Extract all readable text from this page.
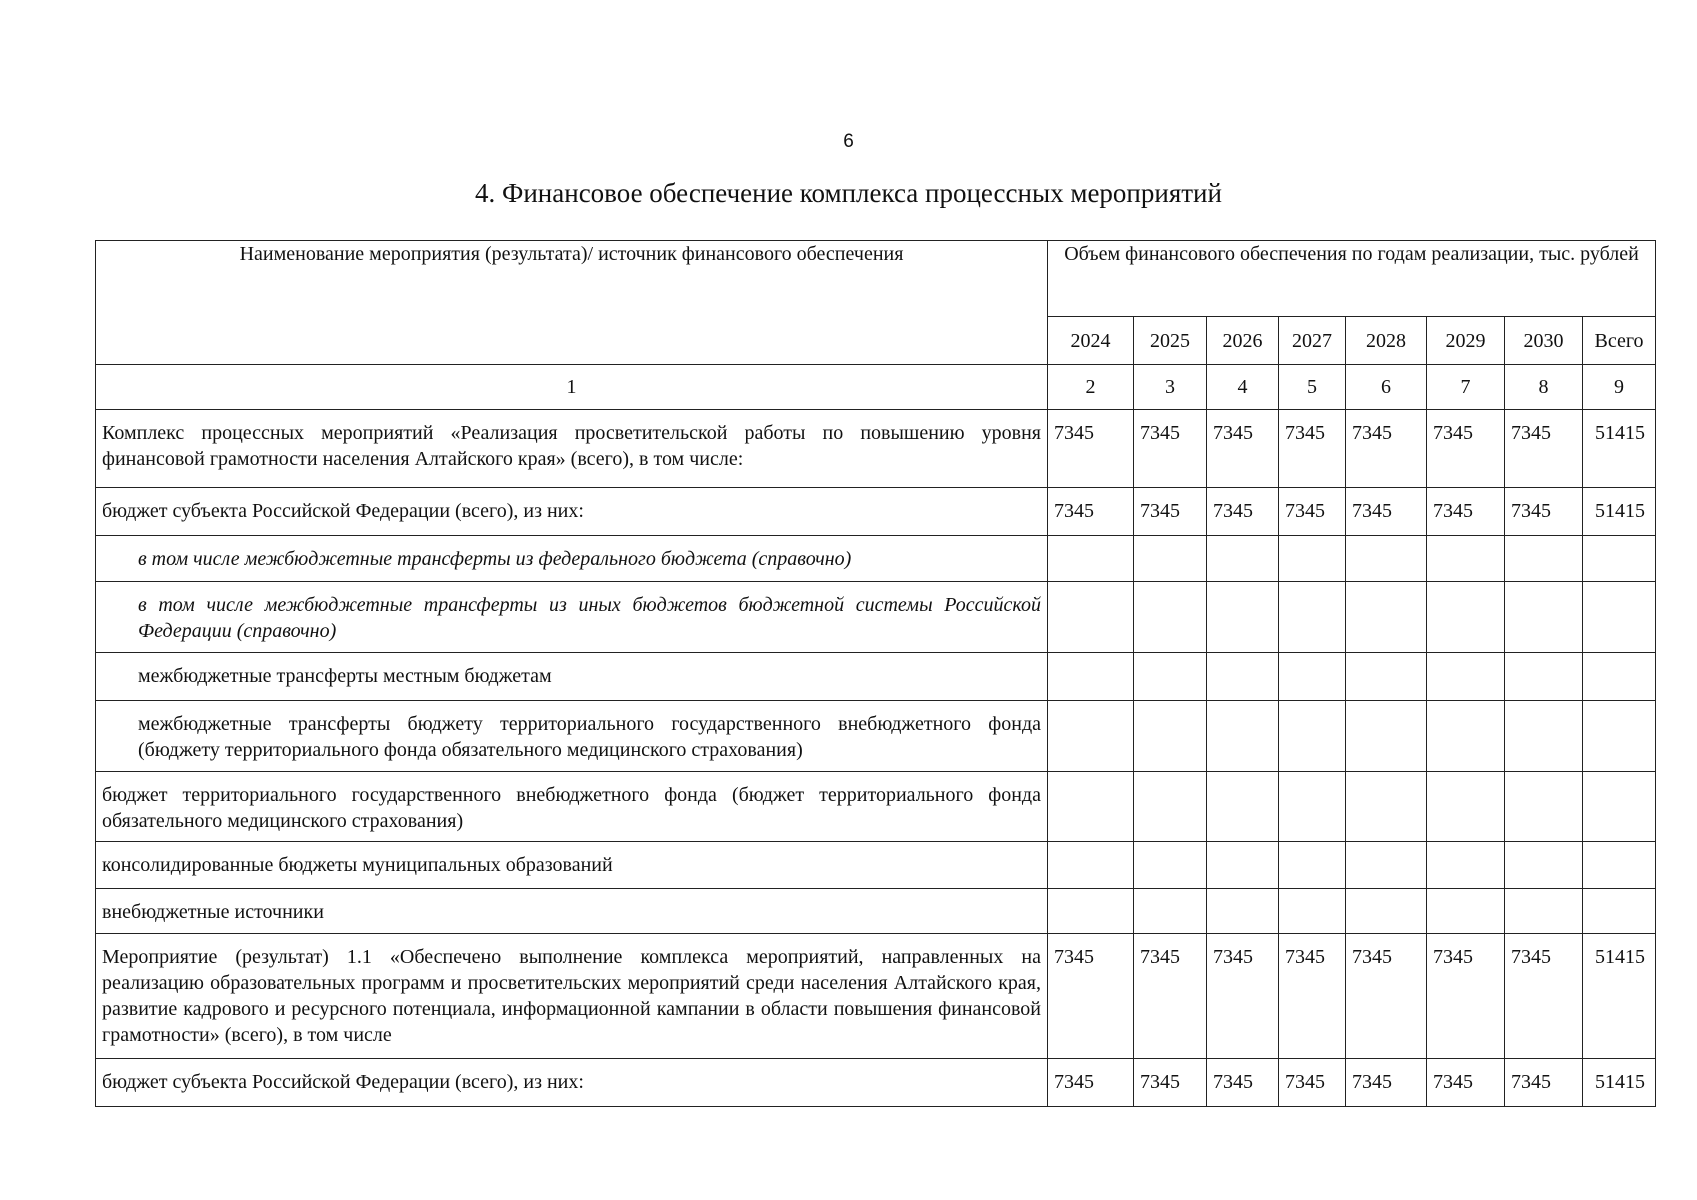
6
4. Финансовое обеспечение комплекса процессных мероприятий
Наименование мероприятия (результата)/ источник финансового обеспечения	Объем финансового обеспечения по годам реализации, тыс. рублей							
	2024	2025	2026	2027	2028	2029	2030	Всего
1	2	3	4	5	6	7	8	9
Комплекс процессных мероприятий «Реализация просветительской работы по повышению уровня финансовой грамотности населения Алтайского края» (всего), в том числе:	7345	7345	7345	7345	7345	7345	7345	51415
бюджет субъекта Российской Федерации (всего), из них:	7345	7345	7345	7345	7345	7345	7345	51415
в том числе межбюджетные трансферты из федерального бюджета (справочно)								
в том числе межбюджетные трансферты из иных бюджетов бюджетной системы Российской Федерации (справочно)								
межбюджетные трансферты местным бюджетам								
межбюджетные трансферты бюджету территориального государственного внебюджетного фонда (бюджету территориального фонда обязательного медицинского страхования)								
бюджет территориального государственного внебюджетного фонда (бюджет территориального фонда обязательного медицинского страхования)								
консолидированные бюджеты муниципальных образований								
внебюджетные источники								
Мероприятие (результат) 1.1 «Обеспечено выполнение комплекса мероприятий, направленных на реализацию образовательных программ и просветительских мероприятий среди населения Алтайского края, развитие кадрового и ресурсного потенциала, информационной кампании в области повышения финансовой грамотности» (всего), в том числе	7345	7345	7345	7345	7345	7345	7345	51415
бюджет субъекта Российской Федерации (всего), из них:	7345	7345	7345	7345	7345	7345	7345	51415
